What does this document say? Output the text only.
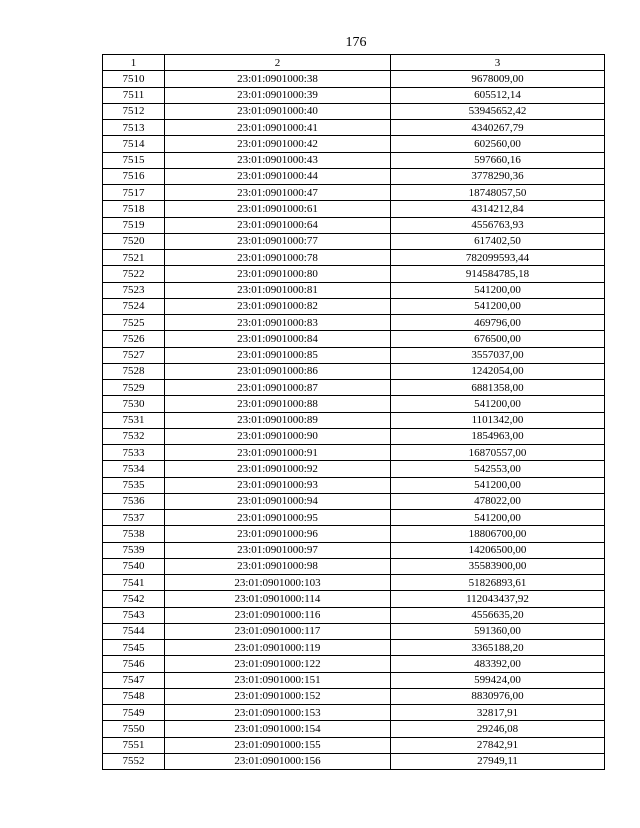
176
1	2	3
7510	23:01:0901000:38	9678009,00
7511	23:01:0901000:39	605512,14
7512	23:01:0901000:40	53945652,42
7513	23:01:0901000:41	4340267,79
7514	23:01:0901000:42	602560,00
7515	23:01:0901000:43	597660,16
7516	23:01:0901000:44	3778290,36
7517	23:01:0901000:47	18748057,50
7518	23:01:0901000:61	4314212,84
7519	23:01:0901000:64	4556763,93
7520	23:01:0901000:77	617402,50
7521	23:01:0901000:78	782099593,44
7522	23:01:0901000:80	914584785,18
7523	23:01:0901000:81	541200,00
7524	23:01:0901000:82	541200,00
7525	23:01:0901000:83	469796,00
7526	23:01:0901000:84	676500,00
7527	23:01:0901000:85	3557037,00
7528	23:01:0901000:86	1242054,00
7529	23:01:0901000:87	6881358,00
7530	23:01:0901000:88	541200,00
7531	23:01:0901000:89	1101342,00
7532	23:01:0901000:90	1854963,00
7533	23:01:0901000:91	16870557,00
7534	23:01:0901000:92	542553,00
7535	23:01:0901000:93	541200,00
7536	23:01:0901000:94	478022,00
7537	23:01:0901000:95	541200,00
7538	23:01:0901000:96	18806700,00
7539	23:01:0901000:97	14206500,00
7540	23:01:0901000:98	35583900,00
7541	23:01:0901000:103	51826893,61
7542	23:01:0901000:114	112043437,92
7543	23:01:0901000:116	4556635,20
7544	23:01:0901000:117	591360,00
7545	23:01:0901000:119	3365188,20
7546	23:01:0901000:122	483392,00
7547	23:01:0901000:151	599424,00
7548	23:01:0901000:152	8830976,00
7549	23:01:0901000:153	32817,91
7550	23:01:0901000:154	29246,08
7551	23:01:0901000:155	27842,91
7552	23:01:0901000:156	27949,11
